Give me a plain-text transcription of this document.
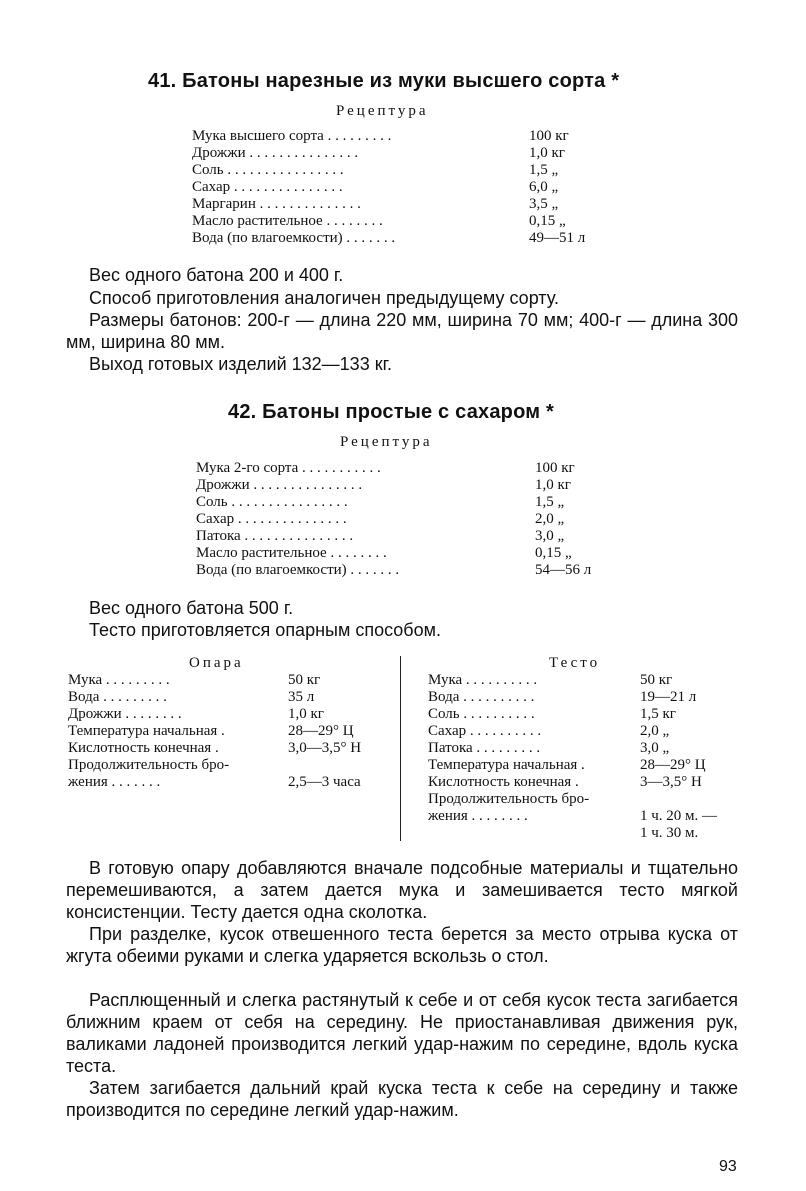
41. Батоны нарезные из муки высшего сорта *
Рецептура
Мука высшего сорта . . . . . . . . .	100 кг
Дрожжи . . . . . . . . . . . . . . .	1,0 кг
Соль . . . . . . . . . . . . . . . .	1,5 „
Сахар . . . . . . . . . . . . . . .	6,0 „
Маргарин . . . . . . . . . . . . . .	3,5 „
Масло растительное . . . . . . . .	0,15 „
Вода (по влагоемкости) . . . . . . .	49—51 л

Вес одного батона 200 и 400 г.

Способ приготовления аналогичен предыдущему сорту.

Размеры батонов: 200-г — длина 220 мм, ширина 70 мм; 400-г — длина 300 мм, ширина 80 мм.

Выход готовых изделий 132—133 кг.

42. Батоны простые с сахаром *
Рецептура
Мука 2-го сорта . . . . . . . . . . .	100 кг
Дрожжи . . . . . . . . . . . . . . .	1,0 кг
Соль . . . . . . . . . . . . . . . .	1,5 „
Сахар . . . . . . . . . . . . . . .	2,0 „
Патока . . . . . . . . . . . . . . .	3,0 „
Масло растительное . . . . . . . .	0,15 „
Вода (по влагоемкости) . . . . . . .	54—56 л

Вес одного батона 500 г.

Тесто приготовляется опарным способом.

Опара	Тесто
Мука . . . . . . . . .	50 кг
Вода . . . . . . . . .	35 л
Дрожжи . . . . . . . .	1,0 кг
Температура начальная .	28—29° Ц
Кислотность конечная .	3,0—3,5° Н
Продолжительность бро-
жения . . . . . . .	2,5—3 часа
Мука . . . . . . . . . .	50 кг
Вода . . . . . . . . . .	19—21 л
Соль . . . . . . . . . .	1,5 кг
Сахар . . . . . . . . . .	2,0 „
Патока . . . . . . . . .	3,0 „
Температура начальная .	28—29° Ц
Кислотность конечная .	3—3,5° Н
Продолжительность бро-
жения . . . . . . . .	1 ч. 20 м. —
1 ч. 30 м.

В готовую опару добавляются вначале подсобные материалы и тщательно перемешиваются, а затем дается мука и замешивается тесто мягкой консистенции. Тесту дается одна сколотка.

При разделке, кусок отвешенного теста берется за место отрыва куска от жгута обеими руками и слегка ударяется вскользь о стол.

Расплющенный и слегка растянутый к себе и от себя кусок теста загибается ближним краем от себя на середину. Не приостанавливая движения рук, валиками ладоней производится легкий удар-нажим по середине, вдоль куска теста.

Затем загибается дальний край куска теста к себе на середину и также производится по середине легкий удар-нажим.

93
